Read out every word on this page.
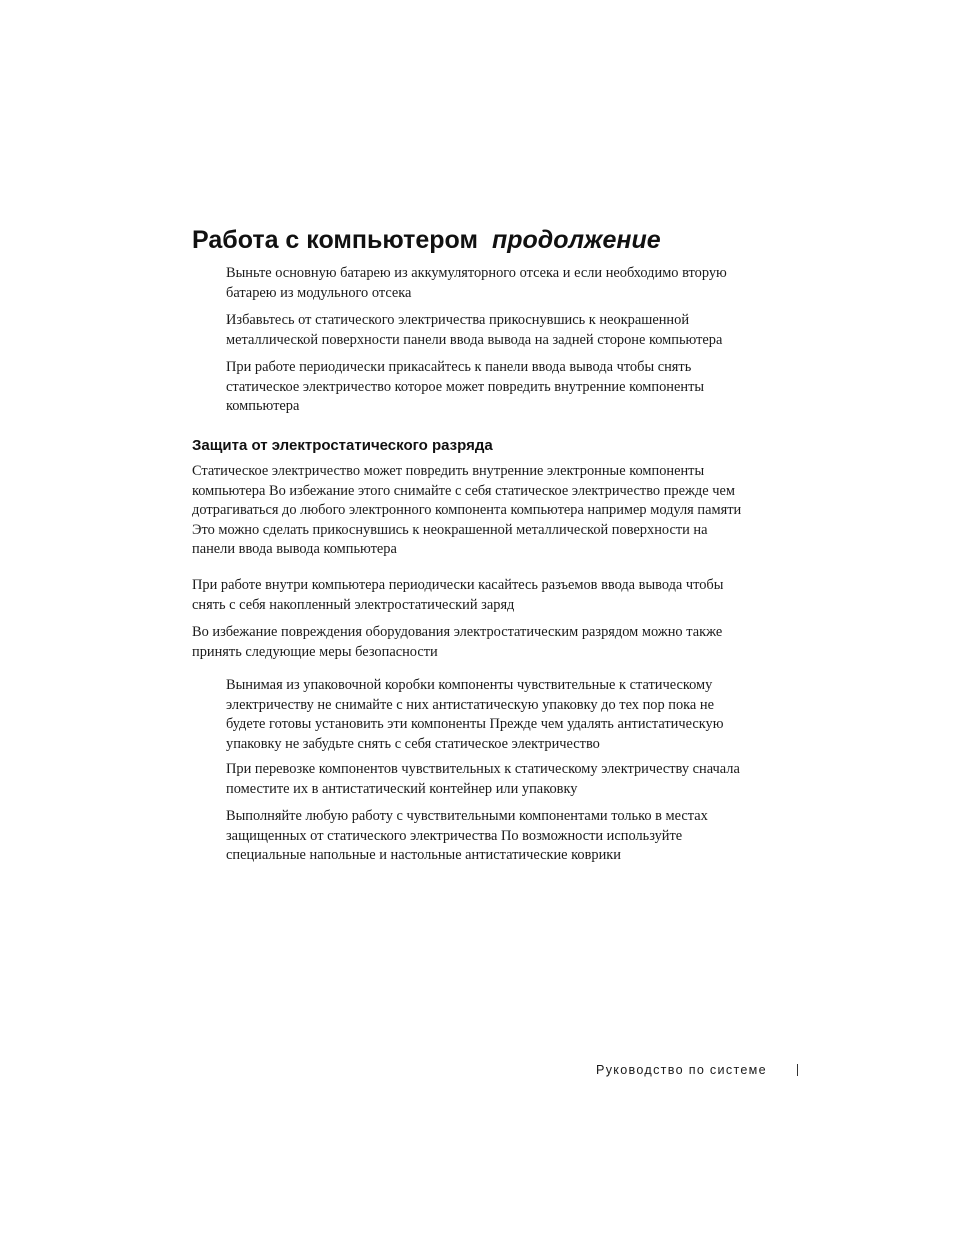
Работа с компьютером продолжение

Выньте основную батарею из аккумуляторного отсека и если необходимо вторую
батарею из модульного отсека

Избавьтесь от статического электричества прикоснувшись к неокрашенной
металлической поверхности панели ввода вывода на задней стороне компьютера

При работе периодически прикасайтесь к панели ввода вывода чтобы снять
статическое электричество которое может повредить внутренние компоненты
компьютера

Защита от электростатического разряда

Статическое электричество может повредить внутренние электронные компоненты
компьютера Во избежание этого снимайте с себя статическое электричество прежде чем
дотрагиваться до любого электронного компонента компьютера например модуля памяти
Это можно сделать прикоснувшись к неокрашенной металлической поверхности на
панели ввода вывода компьютера

При работе внутри компьютера периодически касайтесь разъемов ввода вывода чтобы
снять с себя накопленный электростатический заряд

Во избежание повреждения оборудования электростатическим разрядом можно также
принять следующие меры безопасности

Вынимая из упаковочной коробки компоненты чувствительные к статическому
электричеству не снимайте с них антистатическую упаковку до тех пор пока не
будете готовы установить эти компоненты Прежде чем удалять антистатическую
упаковку не забудьте снять с себя статическое электричество

При перевозке компонентов чувствительных к статическому электричеству сначала
поместите их в антистатический контейнер или упаковку

Выполняйте любую работу с чувствительными компонентами только в местах
защищенных от статического электричества По возможности используйте
специальные напольные и настольные антистатические коврики

Руководство по системе
